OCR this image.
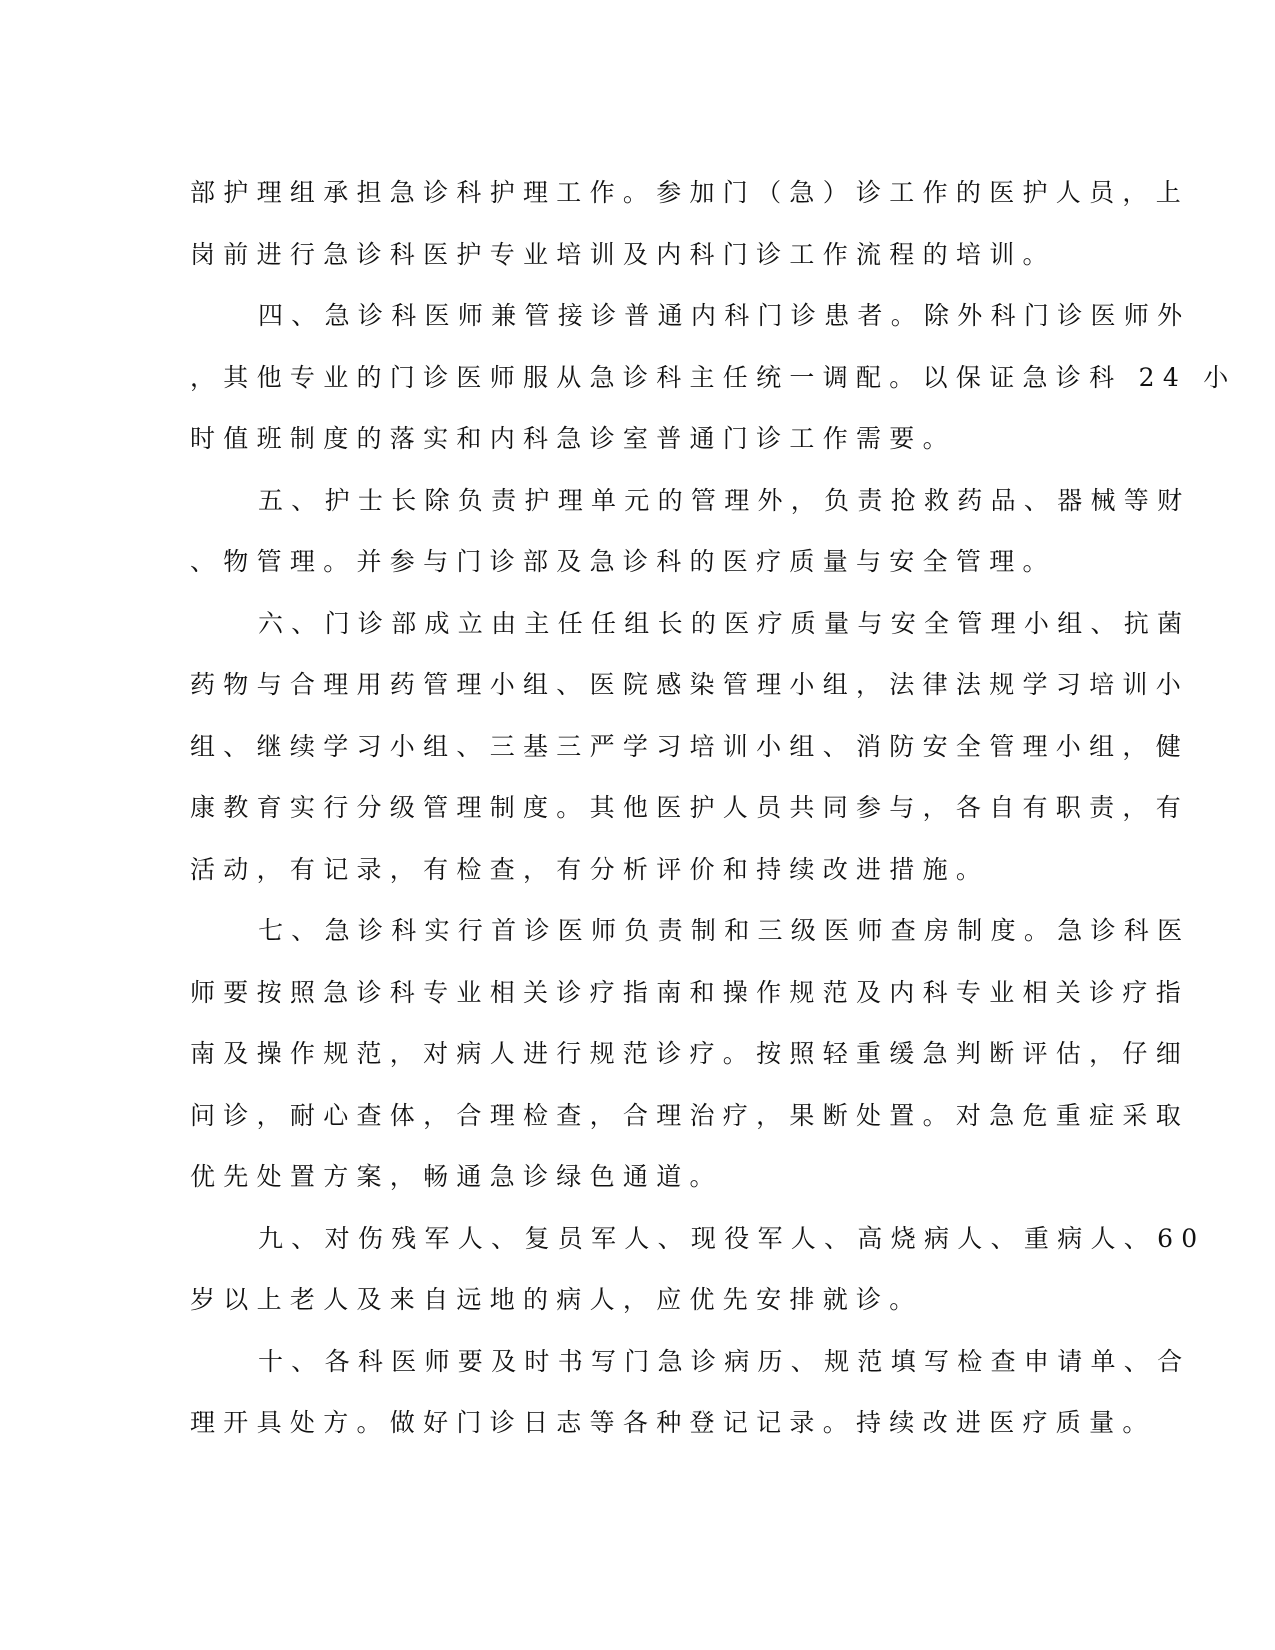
部护理组承担急诊科护理工作。参加门（急）诊工作的医护人员，上

岗前进行急诊科医护专业培训及内科门诊工作流程的培训。

四、急诊科医师兼管接诊普通内科门诊患者。除外科门诊医师外

，其他专业的门诊医师服从急诊科主任统一调配。以保证急诊科 24 小

时值班制度的落实和内科急诊室普通门诊工作需要。

五、护士长除负责护理单元的管理外，负责抢救药品、器械等财

、物管理。并参与门诊部及急诊科的医疗质量与安全管理。

六、门诊部成立由主任任组长的医疗质量与安全管理小组、抗菌

药物与合理用药管理小组、医院感染管理小组，法律法规学习培训小

组、继续学习小组、三基三严学习培训小组、消防安全管理小组，健

康教育实行分级管理制度。其他医护人员共同参与，各自有职责，有

活动，有记录，有检查，有分析评价和持续改进措施。

七、急诊科实行首诊医师负责制和三级医师查房制度。急诊科医

师要按照急诊科专业相关诊疗指南和操作规范及内科专业相关诊疗指

南及操作规范，对病人进行规范诊疗。按照轻重缓急判断评估，仔细

问诊，耐心查体，合理检查，合理治疗，果断处置。对急危重症采取

优先处置方案，畅通急诊绿色通道。

九、对伤残军人、复员军人、现役军人、高烧病人、重病人、60

岁以上老人及来自远地的病人，应优先安排就诊。

十、各科医师要及时书写门急诊病历、规范填写检查申请单、合

理开具处方。做好门诊日志等各种登记记录。持续改进医疗质量。
